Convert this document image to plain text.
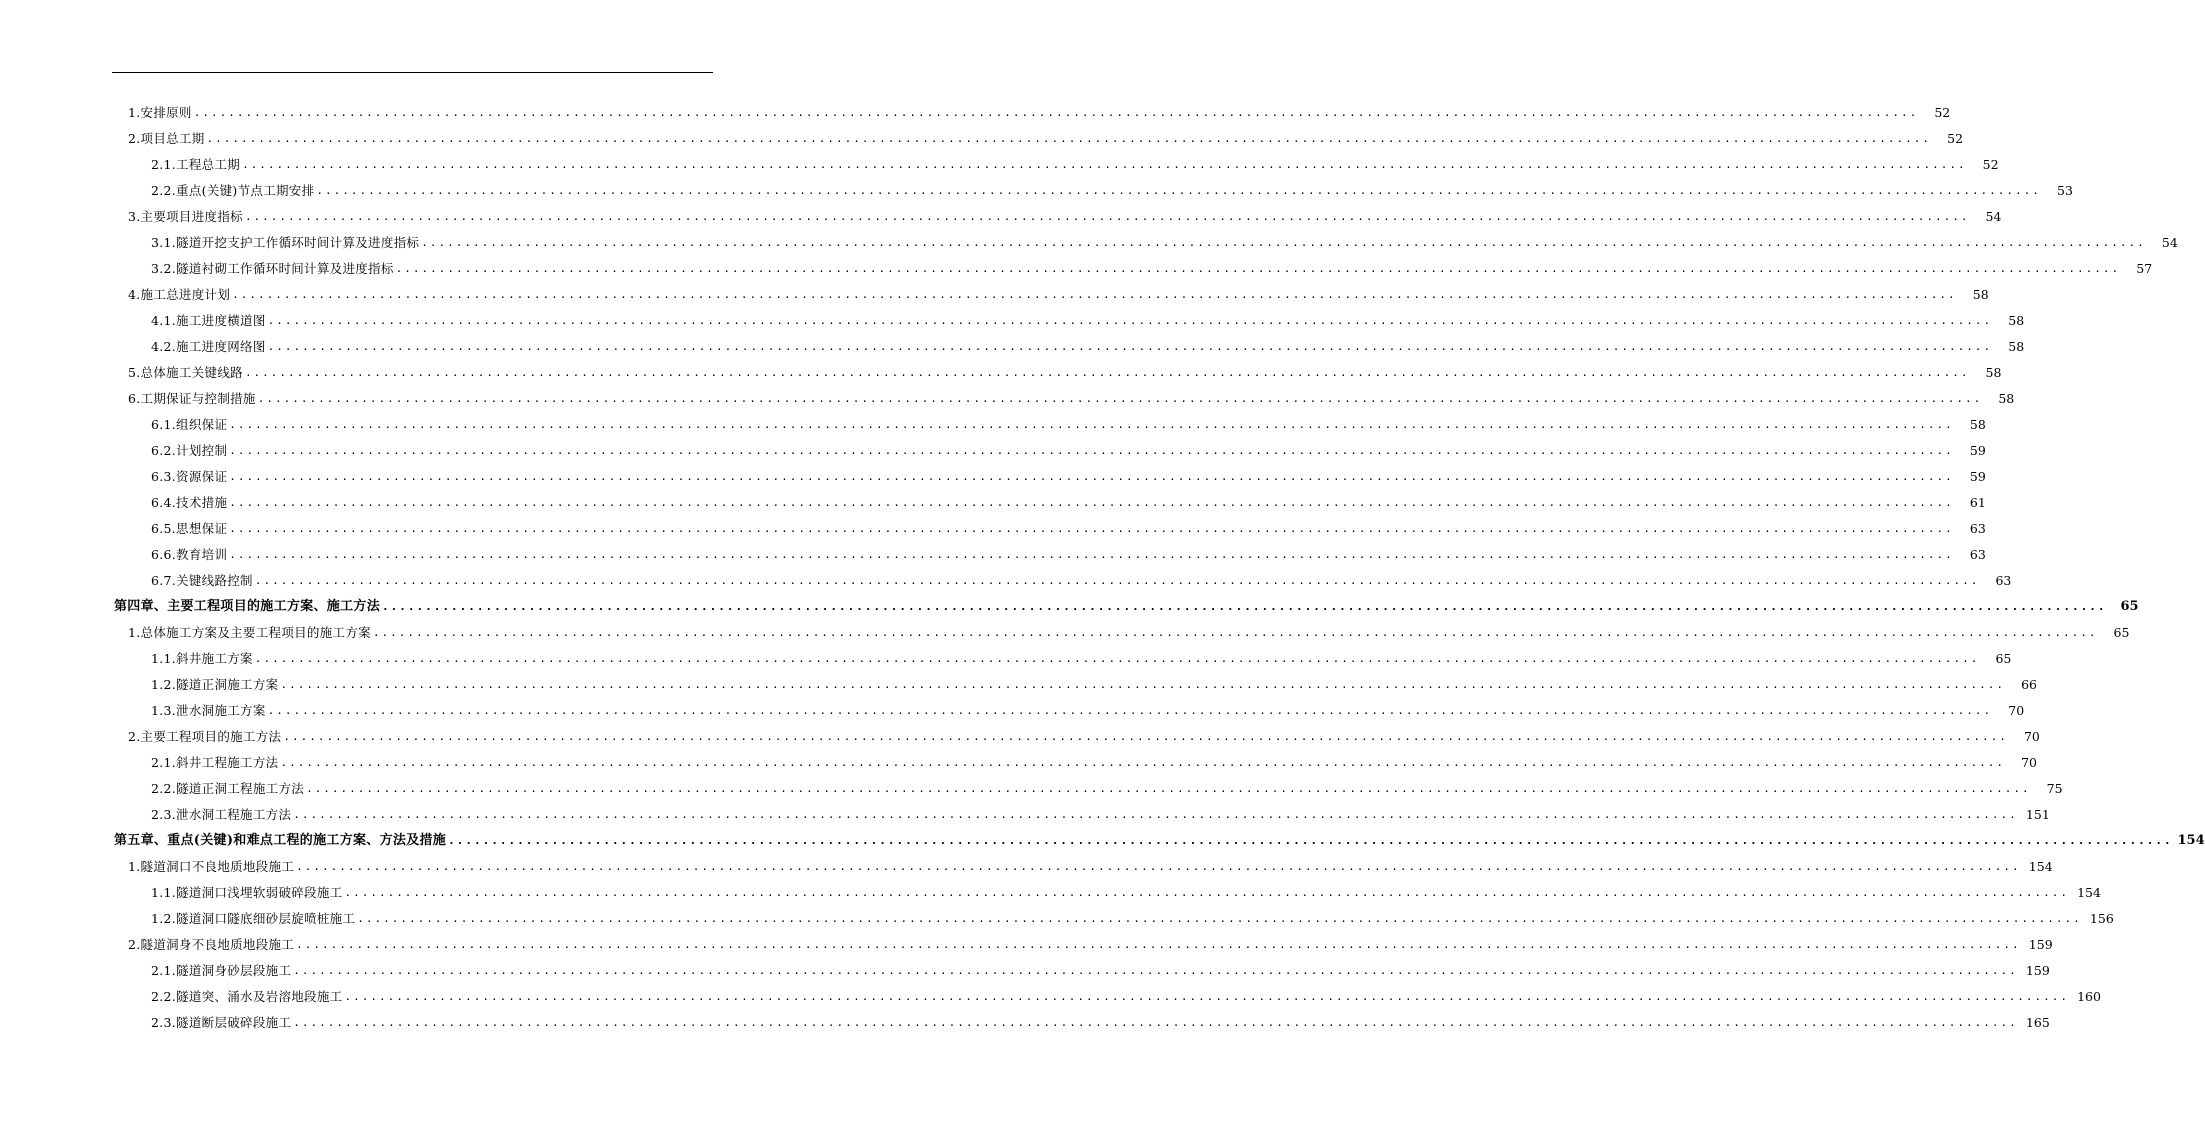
1.安排原则 ........................................................................................................................................................................................................	52
2.项目总工期 ........................................................................................................................................................................................................	52
2.1.工程总工期 ........................................................................................................................................................................................................	52
2.2.重点(关键)节点工期安排 ........................................................................................................................................................................................................	53
3.主要项目进度指标 ........................................................................................................................................................................................................	54
3.1.隧道开挖支护工作循环时间计算及进度指标 ........................................................................................................................................................................................................	54
3.2.隧道衬砌工作循环时间计算及进度指标 ........................................................................................................................................................................................................	57
4.施工总进度计划 ........................................................................................................................................................................................................	58
4.1.施工进度横道图 ........................................................................................................................................................................................................	58
4.2.施工进度网络图 ........................................................................................................................................................................................................	58
5.总体施工关键线路 ........................................................................................................................................................................................................	58
6.工期保证与控制措施 ........................................................................................................................................................................................................	58
6.1.组织保证 ........................................................................................................................................................................................................	58
6.2.计划控制 ........................................................................................................................................................................................................	59
6.3.资源保证 ........................................................................................................................................................................................................	59
6.4.技术措施 ........................................................................................................................................................................................................	61
6.5.思想保证 ........................................................................................................................................................................................................	63
6.6.教育培训 ........................................................................................................................................................................................................	63
6.7.关键线路控制 ........................................................................................................................................................................................................	63
第四章、主要工程项目的施工方案、施工方法 ........................................................................................................................................................................................................	65
1.总体施工方案及主要工程项目的施工方案 ........................................................................................................................................................................................................	65
1.1.斜井施工方案 ........................................................................................................................................................................................................	65
1.2.隧道正洞施工方案 ........................................................................................................................................................................................................	66
1.3.泄水洞施工方案 ........................................................................................................................................................................................................	70
2.主要工程项目的施工方法 ........................................................................................................................................................................................................	70
2.1.斜井工程施工方法 ........................................................................................................................................................................................................	70
2.2.隧道正洞工程施工方法 ........................................................................................................................................................................................................	75
2.3.泄水洞工程施工方法 ........................................................................................................................................................................................................ 151
第五章、重点(关键)和难点工程的施工方案、方法及措施 ........................................................................................................................................................................................................ 154
1.隧道洞口不良地质地段施工 ........................................................................................................................................................................................................ 154
1.1.隧道洞口浅埋软弱破碎段施工 ........................................................................................................................................................................................................ 154
1.2.隧道洞口隧底细砂层旋喷桩施工 ........................................................................................................................................................................................................ 156
2.隧道洞身不良地质地段施工 ........................................................................................................................................................................................................ 159
2.1.隧道洞身砂层段施工 ........................................................................................................................................................................................................ 159
2.2.隧道突、涌水及岩溶地段施工 ........................................................................................................................................................................................................ 160
2.3.隧道断层破碎段施工 ........................................................................................................................................................................................................ 165
